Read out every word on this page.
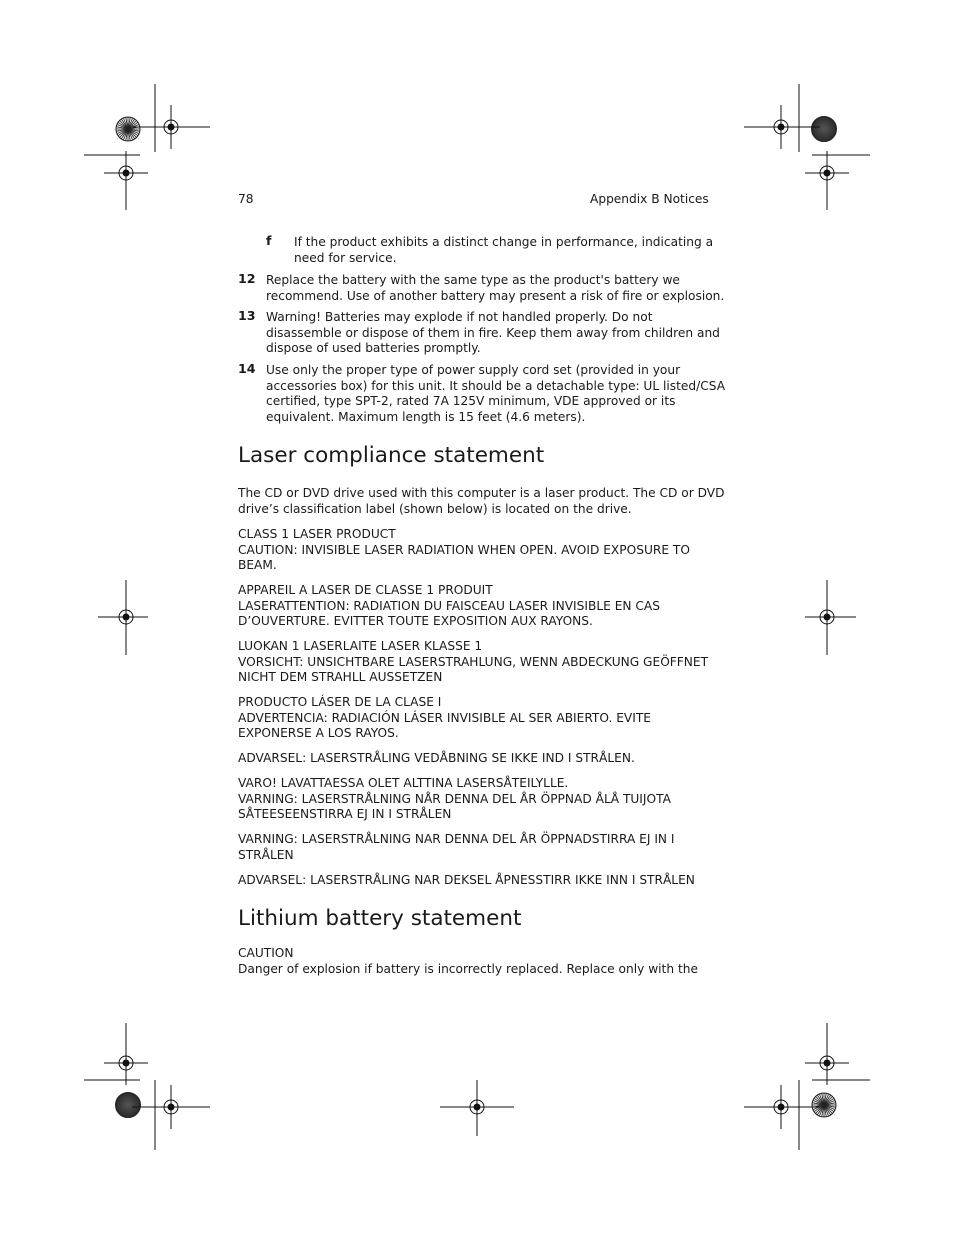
78	Appendix B Notices
f If the product exhibits a distinct change in performance, indicating a
need for service.
12 Replace the battery with the same type as the product's battery we
recommend. Use of another battery may present a risk of fire or explosion.
13 Warning! Batteries may explode if not handled properly. Do not
disassemble or dispose of them in fire. Keep them away from children and
dispose of used batteries promptly.
14 Use only the proper type of power supply cord set (provided in your
accessories box) for this unit. It should be a detachable type: UL listed/CSA
certified, type SPT-2, rated 7A 125V minimum, VDE approved or its
equivalent. Maximum length is 15 feet (4.6 meters).
Laser compliance statement
The CD or DVD drive used with this computer is a laser product. The CD or DVD
drive’s classification label (shown below) is located on the drive.
CLASS 1 LASER PRODUCT
CAUTION: INVISIBLE LASER RADIATION WHEN OPEN. AVOID EXPOSURE TO
BEAM.
APPAREIL A LASER DE CLASSE 1 PRODUIT
LASERATTENTION: RADIATION DU FAISCEAU LASER INVISIBLE EN CAS
D’OUVERTURE. EVITTER TOUTE EXPOSITION AUX RAYONS.
LUOKAN 1 LASERLAITE LASER KLASSE 1
VORSICHT: UNSICHTBARE LASERSTRAHLUNG, WENN ABDECKUNG GEÖFFNET
NICHT DEM STRAHLL AUSSETZEN
PRODUCTO LÁSER DE LA CLASE I
ADVERTENCIA: RADIACIÓN LÁSER INVISIBLE AL SER ABIERTO. EVITE
EXPONERSE A LOS RAYOS.
ADVARSEL: LASERSTRÅLING VEDÅBNING SE IKKE IND I STRÅLEN.
VARO! LAVATTAESSA OLET ALTTINA LASERSÅTEILYLLE.
VARNING: LASERSTRÅLNING NÅR DENNA DEL ÅR ÖPPNAD ÅLÅ TUIJOTA
SÅTEESEENSTIRRA EJ IN I STRÅLEN
VARNING: LASERSTRÅLNING NAR DENNA DEL ÅR ÖPPNADSTIRRA EJ IN I
STRÅLEN
ADVARSEL: LASERSTRÅLING NAR DEKSEL ÅPNESSTIRR IKKE INN I STRÅLEN
Lithium battery statement
CAUTION
Danger of explosion if battery is incorrectly replaced. Replace only with the
